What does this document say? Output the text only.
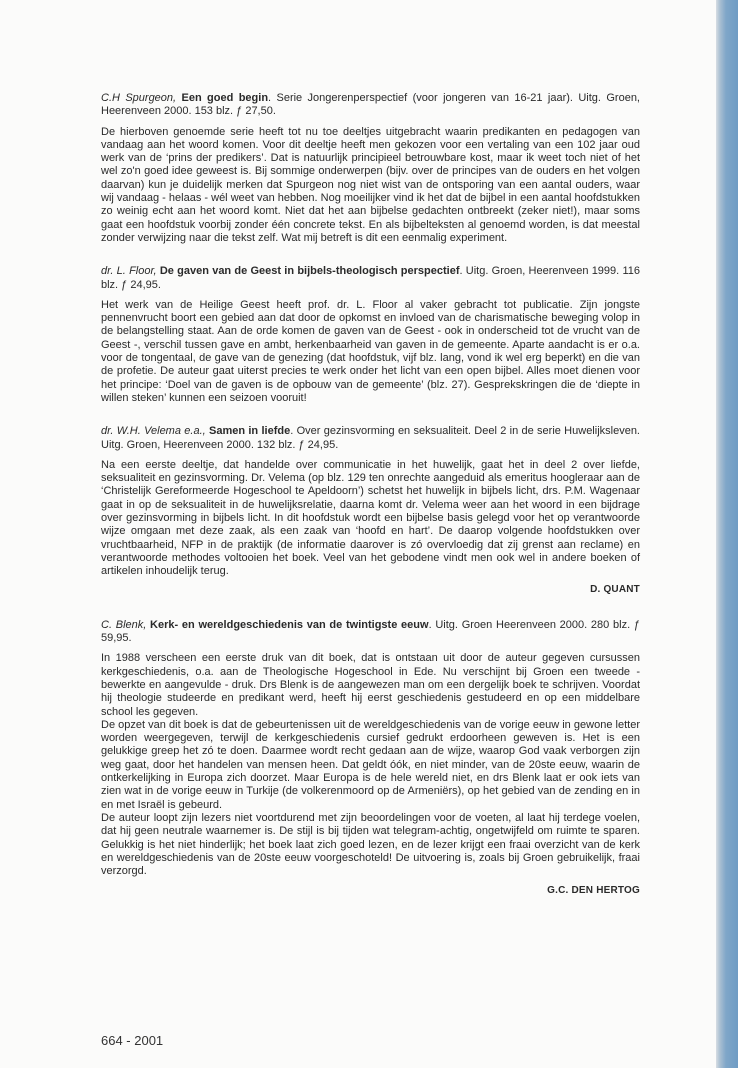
C.H Spurgeon, Een goed begin. Serie Jongerenperspectief (voor jongeren van 16-21 jaar). Uitg. Groen, Heerenveen 2000. 153 blz. ƒ 27,50.

De hierboven genoemde serie heeft tot nu toe deeltjes uitgebracht waarin predikanten en pedagogen van vandaag aan het woord komen. Voor dit deeltje heeft men gekozen voor een vertaling van een 102 jaar oud werk van de ‘prins der predikers’. Dat is natuurlijk principieel betrouwbare kost, maar ik weet toch niet of het wel zo'n goed idee geweest is. Bij sommige onderwerpen (bijv. over de principes van de ouders en het volgen daarvan) kun je duidelijk merken dat Spurgeon nog niet wist van de ontsporing van een aantal ouders, waar wij vandaag - helaas - wél weet van hebben. Nog moeilijker vind ik het dat de bijbel in een aantal hoofdstukken zo weinig echt aan het woord komt. Niet dat het aan bijbelse gedachten ontbreekt (zeker niet!), maar soms gaat een hoofdstuk voorbij zonder één concrete tekst. En als bijbelteksten al genoemd worden, is dat meestal zonder verwijzing naar die tekst zelf. Wat mij betreft is dit een eenmalig experiment.

dr. L. Floor, De gaven van de Geest in bijbels-theologisch perspectief. Uitg. Groen, Heerenveen 1999. 116 blz. ƒ 24,95.

Het werk van de Heilige Geest heeft prof. dr. L. Floor al vaker gebracht tot publicatie. Zijn jongste pennenvrucht boort een gebied aan dat door de opkomst en invloed van de charismatische beweging volop in de belangstelling staat. Aan de orde komen de gaven van de Geest - ook in onderscheid tot de vrucht van de Geest -, verschil tussen gave en ambt, herkenbaarheid van gaven in de gemeente. Aparte aandacht is er o.a. voor de tongentaal, de gave van de genezing (dat hoofdstuk, vijf blz. lang, vond ik wel erg beperkt) en die van de profetie. De auteur gaat uiterst precies te werk onder het licht van een open bijbel. Alles moet dienen voor het principe: ‘Doel van de gaven is de opbouw van de gemeente’ (blz. 27). Gesprekskringen die de ‘diepte in willen steken’ kunnen een seizoen vooruit!

dr. W.H. Velema e.a., Samen in liefde. Over gezinsvorming en seksualiteit. Deel 2 in de serie Huwelijksleven. Uitg. Groen, Heerenveen 2000. 132 blz. ƒ 24,95.

Na een eerste deeltje, dat handelde over communicatie in het huwelijk, gaat het in deel 2 over liefde, seksualiteit en gezinsvorming. Dr. Velema (op blz. 129 ten onrechte aangeduid als emeritus hoogleraar aan de ‘Christelijk Gereformeerde Hogeschool te Apeldoorn’) schetst het huwelijk in bijbels licht, drs. P.M. Wagenaar gaat in op de seksualiteit in de huwelijksrelatie, daarna komt dr. Velema weer aan het woord in een bijdrage over gezinsvorming in bijbels licht. In dit hoofdstuk wordt een bijbelse basis gelegd voor het op verantwoorde wijze omgaan met deze zaak, als een zaak van ‘hoofd en hart’. De daarop volgende hoofdstukken over vruchtbaarheid, NFP in de praktijk (de informatie daarover is zó overvloedig dat zij grenst aan reclame) en verantwoorde methodes voltooien het boek. Veel van het gebodene vindt men ook wel in andere boeken of artikelen inhoudelijk terug.

D. QUANT

C. Blenk, Kerk- en wereldgeschiedenis van de twintigste eeuw. Uitg. Groen Heerenveen 2000. 280 blz. ƒ 59,95.

In 1988 verscheen een eerste druk van dit boek, dat is ontstaan uit door de auteur gegeven cursussen kerkgeschiedenis, o.a. aan de Theologische Hogeschool in Ede. Nu verschijnt bij Groen een tweede - bewerkte en aangevulde - druk. Drs Blenk is de aangewezen man om een dergelijk boek te schrijven. Voordat hij theologie studeerde en predikant werd, heeft hij eerst geschiedenis gestudeerd en op een middelbare school les gegeven.

De opzet van dit boek is dat de gebeurtenissen uit de wereldgeschiedenis van de vorige eeuw in gewone letter worden weergegeven, terwijl de kerkgeschiedenis cursief gedrukt erdoorheen geweven is. Het is een gelukkige greep het zó te doen. Daarmee wordt recht gedaan aan de wijze, waarop God vaak verborgen zijn weg gaat, door het handelen van mensen heen. Dat geldt óók, en niet minder, van de 20ste eeuw, waarin de ontkerkelijking in Europa zich doorzet. Maar Europa is de hele wereld niet, en drs Blenk laat er ook iets van zien wat in de vorige eeuw in Turkije (de volkerenmoord op de Armeniërs), op het gebied van de zending en in en met Israël is gebeurd.

De auteur loopt zijn lezers niet voortdurend met zijn beoordelingen voor de voeten, al laat hij terdege voelen, dat hij geen neutrale waarnemer is. De stijl is bij tijden wat telegram-achtig, ongetwijfeld om ruimte te sparen. Gelukkig is het niet hinderlijk; het boek laat zich goed lezen, en de lezer krijgt een fraai overzicht van de kerk en wereldgeschiedenis van de 20ste eeuw voorgeschoteld! De uitvoering is, zoals bij Groen gebruikelijk, fraai verzorgd.

G.C. DEN HERTOG

664 - 2001
